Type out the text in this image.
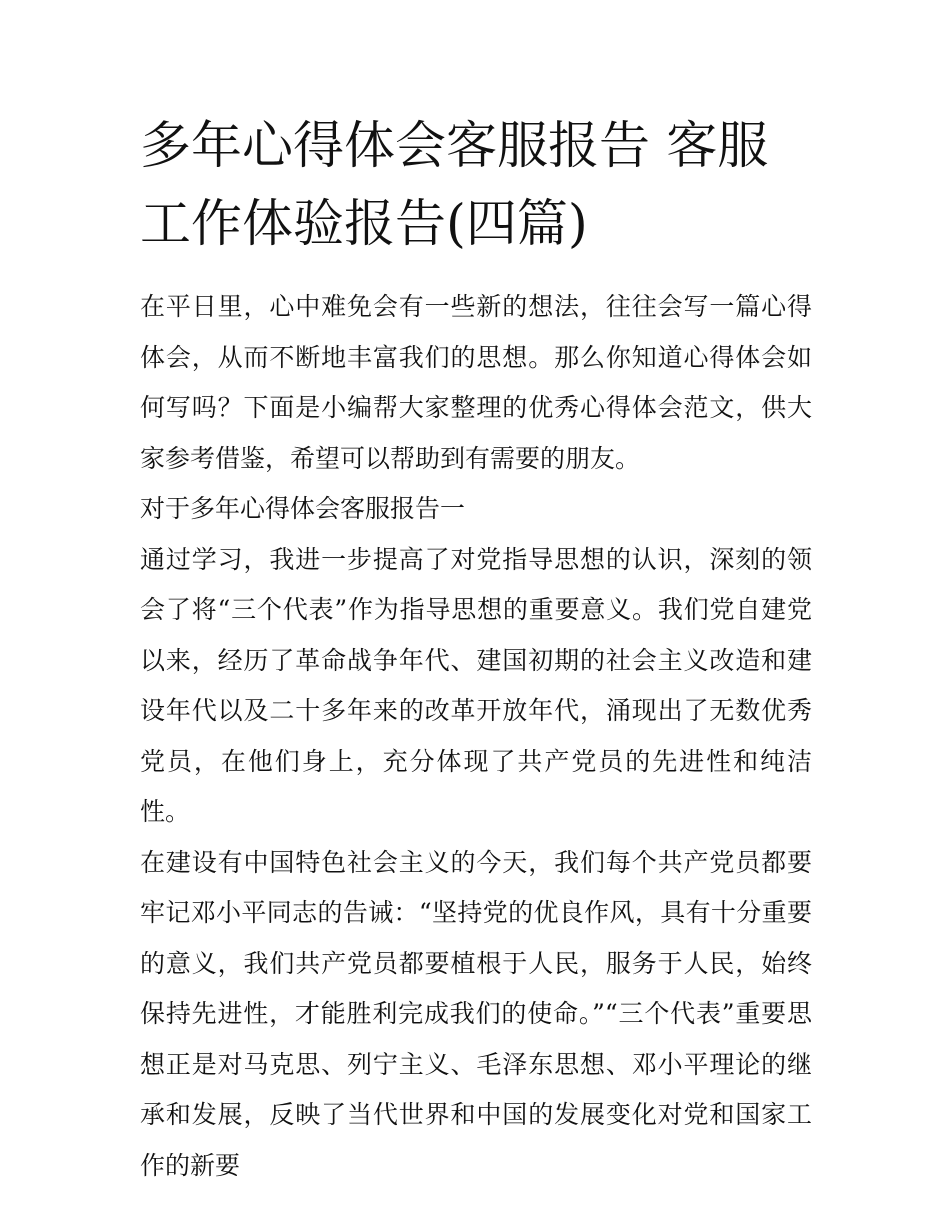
多年心得体会客服报告 客服工作体验报告(四篇)

在平日里，心中难免会有一些新的想法，往往会写一篇心得体会，从而不断地丰富我们的思想。那么你知道心得体会如何写吗？下面是小编帮大家整理的优秀心得体会范文，供大家参考借鉴，希望可以帮助到有需要的朋友。

对于多年心得体会客服报告一

通过学习，我进一步提高了对党指导思想的认识，深刻的领会了将“三个代表”作为指导思想的重要意义。我们党自建党以来，经历了革命战争年代、建国初期的社会主义改造和建设年代以及二十多年来的改革开放年代，涌现出了无数优秀党员，在他们身上，充分体现了共产党员的先进性和纯洁性。

在建设有中国特色社会主义的今天，我们每个共产党员都要牢记邓小平同志的告诫：“坚持党的优良作风，具有十分重要的意义，我们共产党员都要植根于人民，服务于人民，始终保持先进性，才能胜利完成我们的使命。”“三个代表”重要思想正是对马克思、列宁主义、毛泽东思想、邓小平理论的继承和发展，反映了当代世界和中国的发展变化对党和国家工作的新要
